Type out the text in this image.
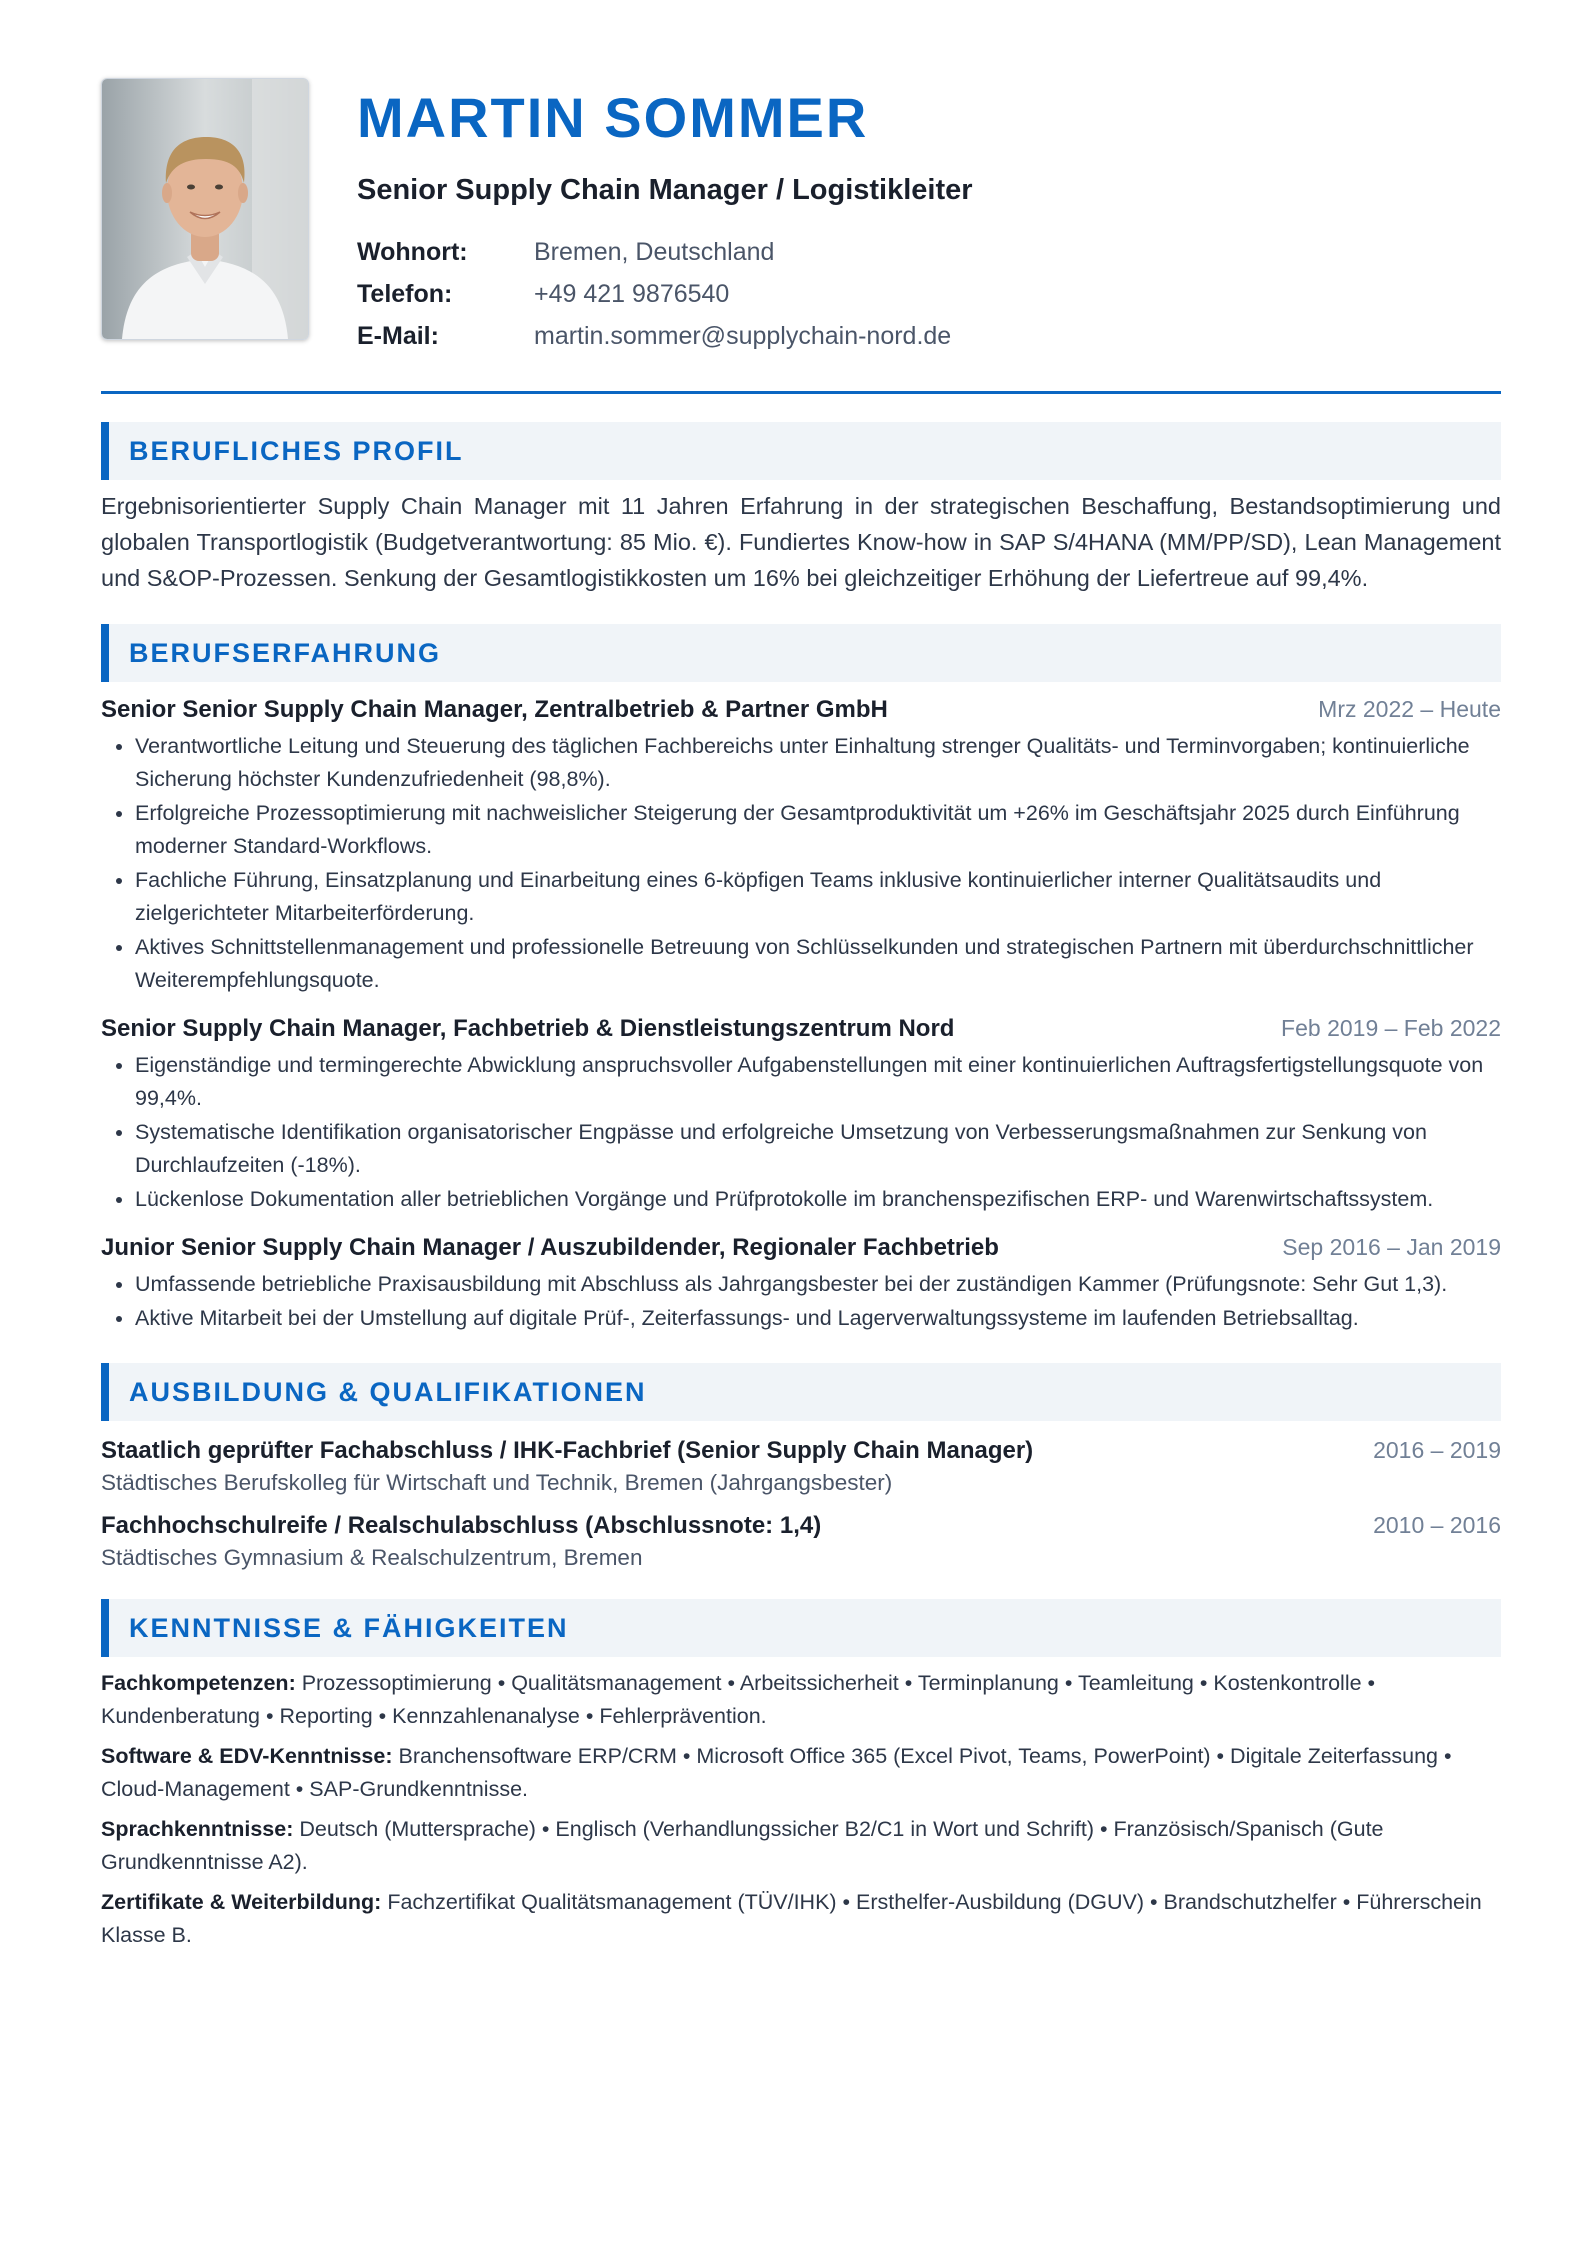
MARTIN SOMMER
Senior Supply Chain Manager / Logistikleiter
Wohnort:	Bremen, Deutschland
Telefon:	+49 421 9876540
E-Mail:	martin.sommer@supplychain-nord.de
BERUFLICHES PROFIL
Ergebnisorientierter Supply Chain Manager mit 11 Jahren Erfahrung in der strategischen Beschaffung, Bestandsoptimierung und globalen Transportlogistik (Budgetverantwortung: 85 Mio. €). Fundiertes Know-how in SAP S/4HANA (MM/PP/SD), Lean Management und S&OP-Prozessen. Senkung der Gesamtlogistikkosten um 16% bei gleichzeitiger Erhöhung der Liefertreue auf 99,4%.
BERUFSERFAHRUNG
Senior Senior Supply Chain Manager, Zentralbetrieb & Partner GmbH	Mrz 2022 – Heute
• Verantwortliche Leitung und Steuerung des täglichen Fachbereichs unter Einhaltung strenger Qualitäts- und Terminvorgaben; kontinuierliche Sicherung höchster Kundenzufriedenheit (98,8%).
• Erfolgreiche Prozessoptimierung mit nachweislicher Steigerung der Gesamtproduktivität um +26% im Geschäftsjahr 2025 durch Einführung moderner Standard-Workflows.
• Fachliche Führung, Einsatzplanung und Einarbeitung eines 6-köpfigen Teams inklusive kontinuierlicher interner Qualitätsaudits und zielgerichteter Mitarbeiterförderung.
• Aktives Schnittstellenmanagement und professionelle Betreuung von Schlüsselkunden und strategischen Partnern mit überdurchschnittlicher Weiterempfehlungsquote.
Senior Supply Chain Manager, Fachbetrieb & Dienstleistungszentrum Nord	Feb 2019 – Feb 2022
• Eigenständige und termingerechte Abwicklung anspruchsvoller Aufgabenstellungen mit einer kontinuierlichen Auftragsfertigstellungsquote von 99,4%.
• Systematische Identifikation organisatorischer Engpässe und erfolgreiche Umsetzung von Verbesserungsmaßnahmen zur Senkung von Durchlaufzeiten (-18%).
• Lückenlose Dokumentation aller betrieblichen Vorgänge und Prüfprotokolle im branchenspezifischen ERP- und Warenwirtschaftssystem.
Junior Senior Supply Chain Manager / Auszubildender, Regionaler Fachbetrieb	Sep 2016 – Jan 2019
• Umfassende betriebliche Praxisausbildung mit Abschluss als Jahrgangsbester bei der zuständigen Kammer (Prüfungsnote: Sehr Gut 1,3).
• Aktive Mitarbeit bei der Umstellung auf digitale Prüf-, Zeiterfassungs- und Lagerverwaltungssysteme im laufenden Betriebsalltag.
AUSBILDUNG & QUALIFIKATIONEN
Staatlich geprüfter Fachabschluss / IHK-Fachbrief (Senior Supply Chain Manager)	2016 – 2019
Städtisches Berufskolleg für Wirtschaft und Technik, Bremen (Jahrgangsbester)
Fachhochschulreife / Realschulabschluss (Abschlussnote: 1,4)	2010 – 2016
Städtisches Gymnasium & Realschulzentrum, Bremen
KENNTNISSE & FÄHIGKEITEN
Fachkompetenzen: Prozessoptimierung • Qualitätsmanagement • Arbeitssicherheit • Terminplanung • Teamleitung • Kostenkontrolle • Kundenberatung • Reporting • Kennzahlenanalyse • Fehlerprävention.
Software & EDV-Kenntnisse: Branchensoftware ERP/CRM • Microsoft Office 365 (Excel Pivot, Teams, PowerPoint) • Digitale Zeiterfassung • Cloud-Management • SAP-Grundkenntnisse.
Sprachkenntnisse: Deutsch (Muttersprache) • Englisch (Verhandlungssicher B2/C1 in Wort und Schrift) • Französisch/Spanisch (Gute Grundkenntnisse A2).
Zertifikate & Weiterbildung: Fachzertifikat Qualitätsmanagement (TÜV/IHK) • Ersthelfer-Ausbildung (DGUV) • Brandschutzhelfer • Führerschein Klasse B.
